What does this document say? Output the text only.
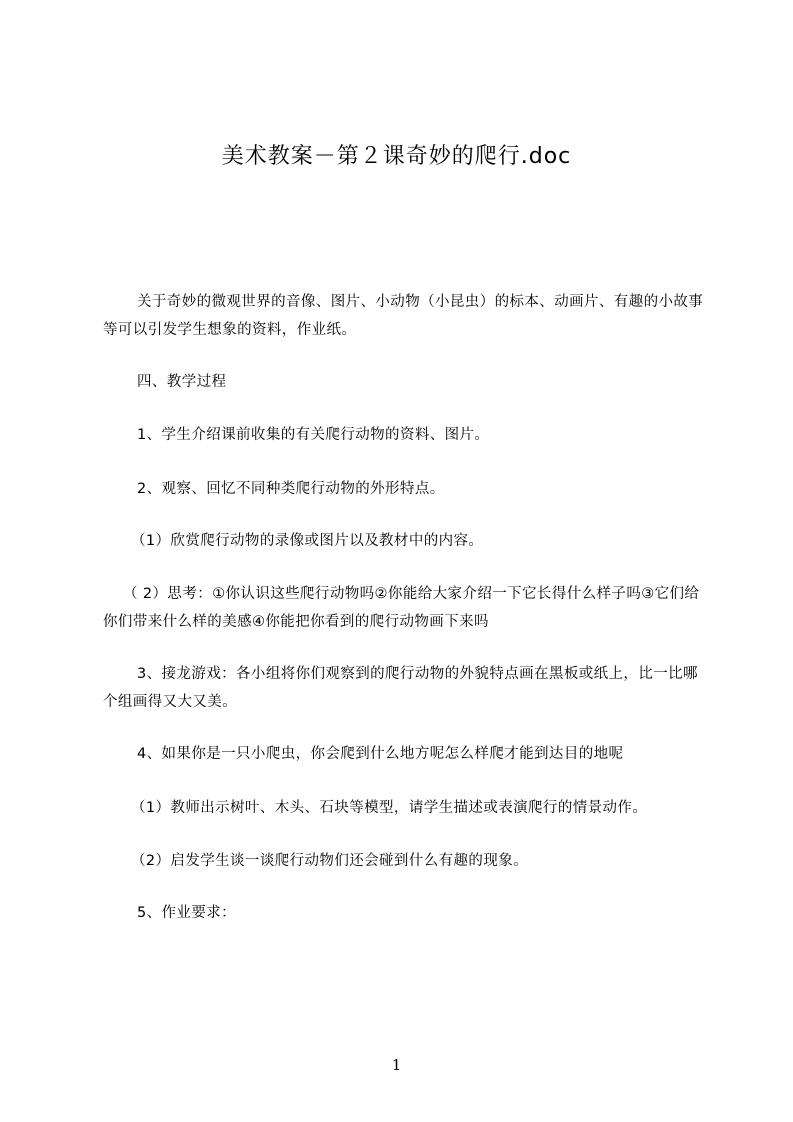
美术教案－第２课奇妙的爬行.doc

关于奇妙的微观世界的音像、图片、小动物（小昆虫）的标本、动画片、有趣的小故事等可以引发学生想象的资料，作业纸。

四、教学过程

1、学生介绍课前收集的有关爬行动物的资料、图片。

2、观察、回忆不同种类爬行动物的外形特点。

（1）欣赏爬行动物的录像或图片以及教材中的内容。

（ 2）思考：①你认识这些爬行动物吗②你能给大家介绍一下它长得什么样子吗③它们给你们带来什么样的美感④你能把你看到的爬行动物画下来吗

3、接龙游戏：各小组将你们观察到的爬行动物的外貌特点画在黑板或纸上，比一比哪个组画得又大又美。

4、如果你是一只小爬虫，你会爬到什么地方呢怎么样爬才能到达目的地呢

（1）教师出示树叶、木头、石块等模型，请学生描述或表演爬行的情景动作。

（2）启发学生谈一谈爬行动物们还会碰到什么有趣的现象。

5、作业要求：

1
